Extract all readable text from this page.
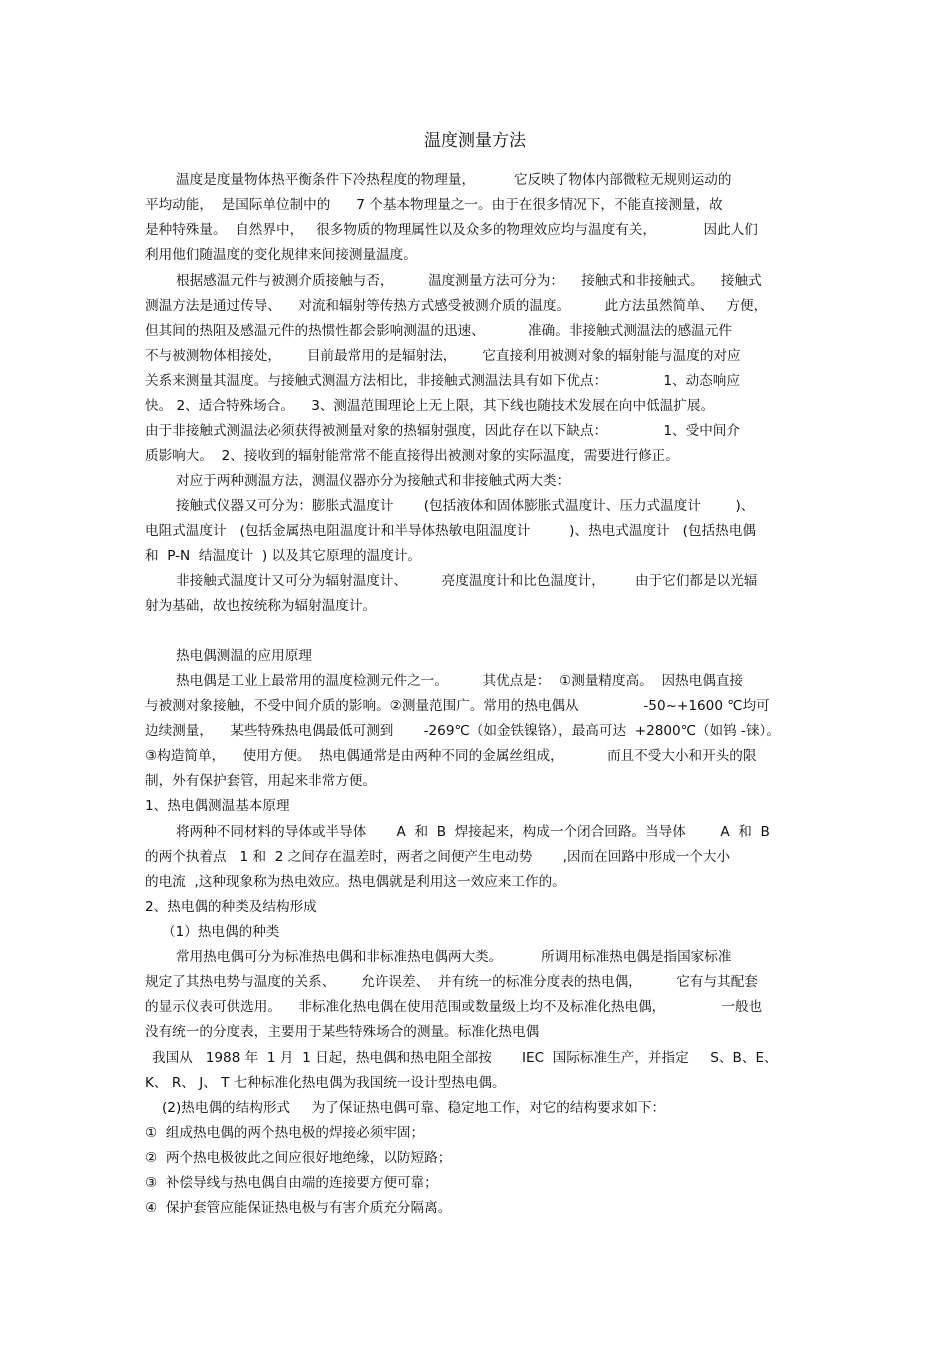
温度测量方法
温度是度量物体热平衡条件下冷热程度的物理量，         它反映了物体内部微粒无规则运动的
平均动能，  是国际单位制中的      7 个基本物理量之一。由于在很多情况下，不能直接测量，故
是种特殊量。  自然界中，   很多物质的物理属性以及众多的物理效应均与温度有关，           因此人们
利用他们随温度的变化规律来间接测量温度。
根据感温元件与被测介质接触与否，        温度测量方法可分为：    接触式和非接触式。    接触式
测温方法是通过传导、    对流和辐射等传热方式感受被测介质的温度。        此方法虽然简单、   方便，
但其间的热阻及感温元件的热惯性都会影响测温的迅速、          准确。非接触式测温法的感温元件
不与被测物体相接处，      目前最常用的是辐射法，      它直接利用被测对象的辐射能与温度的对应
关系来测量其温度。与接触式测温方法相比，非接触式测温法具有如下优点：             1、动态响应
快。 2、适合特殊场合。    3、测温范围理论上无上限，其下线也随技术发展在向中低温扩展。
由于非接触式测温法必须获得被测量对象的热辐射强度，因此存在以下缺点：             1、受中间介
质影响大。  2、接收到的辐射能常常不能直接得出被测对象的实际温度，需要进行修正。
对应于两种测温方法，测温仪器亦分为接触式和非接触式两大类：
接触式仪器又可分为：膨胀式温度计       (包括液体和固体膨胀式温度计、压力式温度计        )、
电阻式温度计   (包括金属热电阻温度计和半导体热敏电阻温度计         )、热电式温度计   (包括热电偶
和  P-N  结温度计  ) 以及其它原理的温度计。
非接触式温度计又可分为辐射温度计、        亮度温度计和比色温度计，       由于它们都是以光辐
射为基础，故也按统称为辐射温度计。
热电偶测温的应用原理
热电偶是工业上最常用的温度检测元件之一。        其优点是：  ①测量精度高。  因热电偶直接
与被测对象接触，不受中间介质的影响。②测量范围广。常用的热电偶从               -50~+1600 ℃均可
边续测量，    某些特殊热电偶最低可测到       -269℃（如金铁镍铬），最高可达  +2800℃（如钨 -铼）。
③构造简单，    使用方便。  热电偶通常是由两种不同的金属丝组成，          而且不受大小和开头的限
制，外有保护套管，用起来非常方便。
1、热电偶测温基本原理
将两种不同材料的导体或半导体       A  和  B  焊接起来，构成一个闭合回路。当导体        A  和  B
的两个执着点   1 和  2 之间存在温差时，两者之间便产生电动势       ,因而在回路中形成一个大小
的电流  ,这种现象称为热电效应。热电偶就是利用这一效应来工作的。
2、热电偶的种类及结构形成
（1）热电偶的种类
常用热电偶可分为标准热电偶和非标准热电偶两大类。         所调用标准热电偶是指国家标准
规定了其热电势与温度的关系、      允许误差、  并有统一的标准分度表的热电偶，        它有与其配套
的显示仪表可供选用。    非标准化热电偶在使用范围或数量级上均不及标准化热电偶，             一般也
没有统一的分度表，主要用于某些特殊场合的测量。标准化热电偶
我国从   1988 年  1 月  1 日起，热电偶和热电阻全部按       IEC  国际标准生产，并指定     S、B、E、
K、 R、 J、 T 七种标准化热电偶为我国统一设计型热电偶。
(2)热电偶的结构形式     为了保证热电偶可靠、稳定地工作，对它的结构要求如下：
①  组成热电偶的两个热电极的焊接必须牢固；
②  两个热电极彼此之间应很好地绝缘，以防短路；
③  补偿导线与热电偶自由端的连接要方便可靠；
④  保护套管应能保证热电极与有害介质充分隔离。
